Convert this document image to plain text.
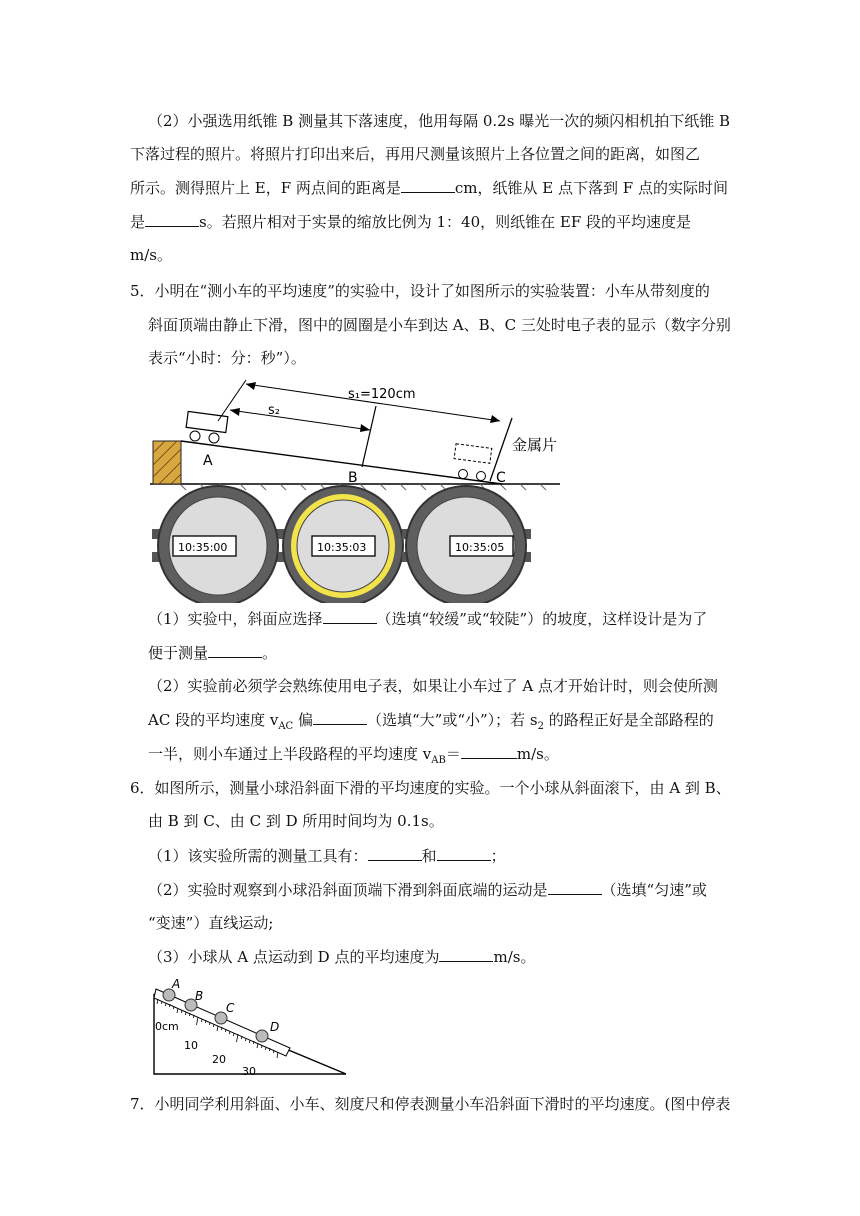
（2）小强选用纸锥 B 测量其下落速度，他用每隔 0.2s 曝光一次的频闪相机拍下纸锥 B
下落过程的照片。将照片打印出来后，再用尺测量该照片上各位置之间的距离，如图乙
所示。测得照片上 E，F 两点间的距离是	cm，纸锥从 E 点下落到 F 点的实际时间
是	s。若照片相对于实景的缩放比例为 1：40，则纸锥在 EF 段的平均速度是
m/s。
5．小明在“测小车的平均速度”的实验中，设计了如图所示的实验装置：小车从带刻度的
斜面顶端由静止下滑，图中的圆圈是小车到达 A、B、C 三处时电子表的显示（数字分别
表示“小时：分：秒”）。
A
B	C
金属片
s₁=120cm
s₂
10:35:00	10:35:03	10:35:05
（1）实验中，斜面应选择	（选填“较缓”或“较陡”）的坡度，这样设计是为了
便于测量	。
（2）实验前必须学会熟练使用电子表，如果让小车过了 A 点才开始计时，则会使所测
AC 段的平均速度 $v_{AC}$ 偏	（选填“大”或“小”）；若 $s_2$ 的路程正好是全部路程的
一半，则小车通过上半段路程的平均速度 $v_{AB}=$	m/s。
6．如图所示，测量小球沿斜面下滑的平均速度的实验。一个小球从斜面滚下，由 A 到 B、
由 B 到 C、由 C 到 D 所用时间均为 0.1s。
（1）该实验所需的测量工具有：	和	；
（2）实验时观察到小球沿斜面顶端下滑到斜面底端的运动是	（选填“匀速”或
“变速”）直线运动;
（3）小球从 A 点运动到 D 点的平均速度为	m/s。
0cm
10
20
30
A
B
C
D
7．小明同学利用斜面、小车、刻度尺和停表测量小车沿斜面下滑时的平均速度。(图中停表
